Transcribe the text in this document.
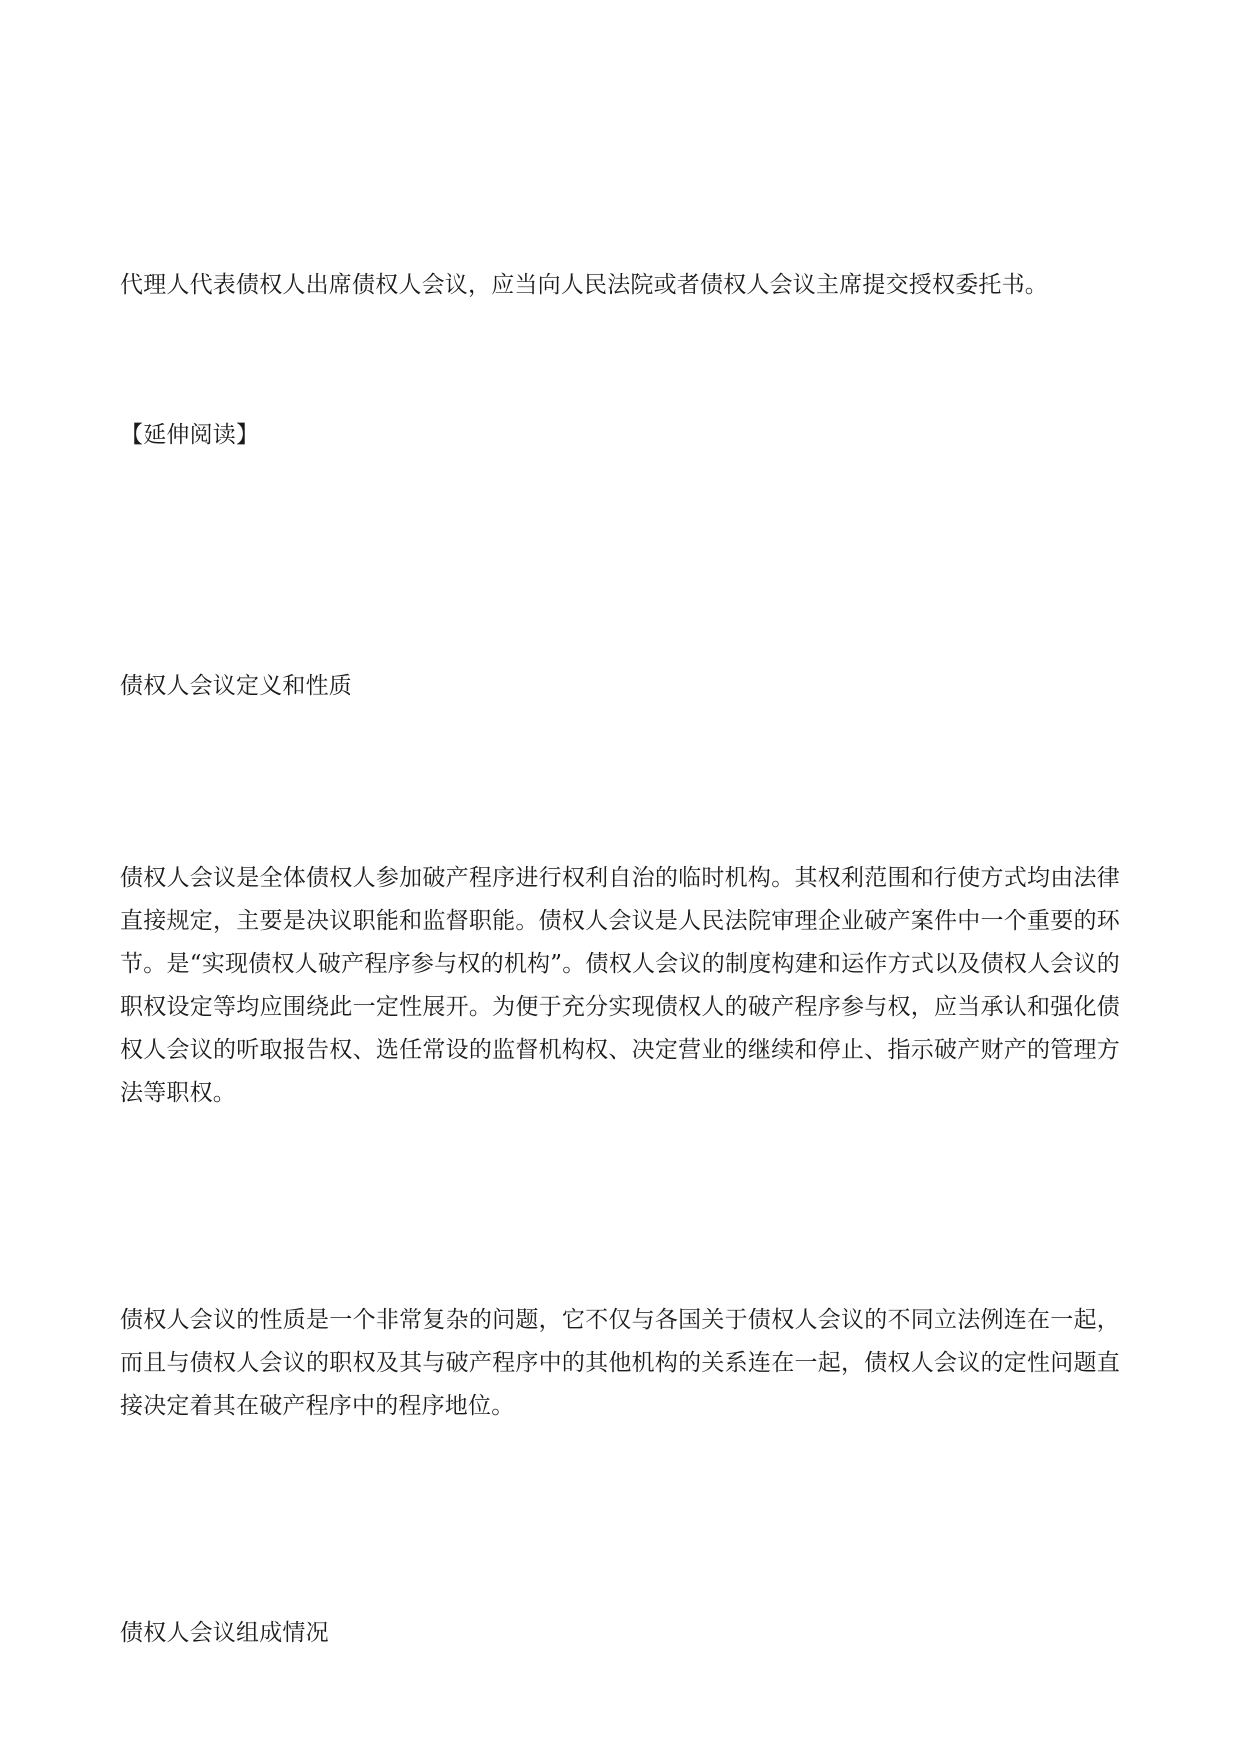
代理人代表债权人出席债权人会议，应当向人民法院或者债权人会议主席提交授权委托书。

【延伸阅读】

债权人会议定义和性质

债权人会议是全体债权人参加破产程序进行权利自治的临时机构。其权利范围和行使方式均由法律直接规定，主要是决议职能和监督职能。债权人会议是人民法院审理企业破产案件中一个重要的环节。是“实现债权人破产程序参与权的机构”。债权人会议的制度构建和运作方式以及债权人会议的职权设定等均应围绕此一定性展开。为便于充分实现债权人的破产程序参与权，应当承认和强化债权人会议的听取报告权、选任常设的监督机构权、决定营业的继续和停止、指示破产财产的管理方法等职权。

债权人会议的性质是一个非常复杂的问题，它不仅与各国关于债权人会议的不同立法例连在一起，而且与债权人会议的职权及其与破产程序中的其他机构的关系连在一起，债权人会议的定性问题直接决定着其在破产程序中的程序地位。

债权人会议组成情况
